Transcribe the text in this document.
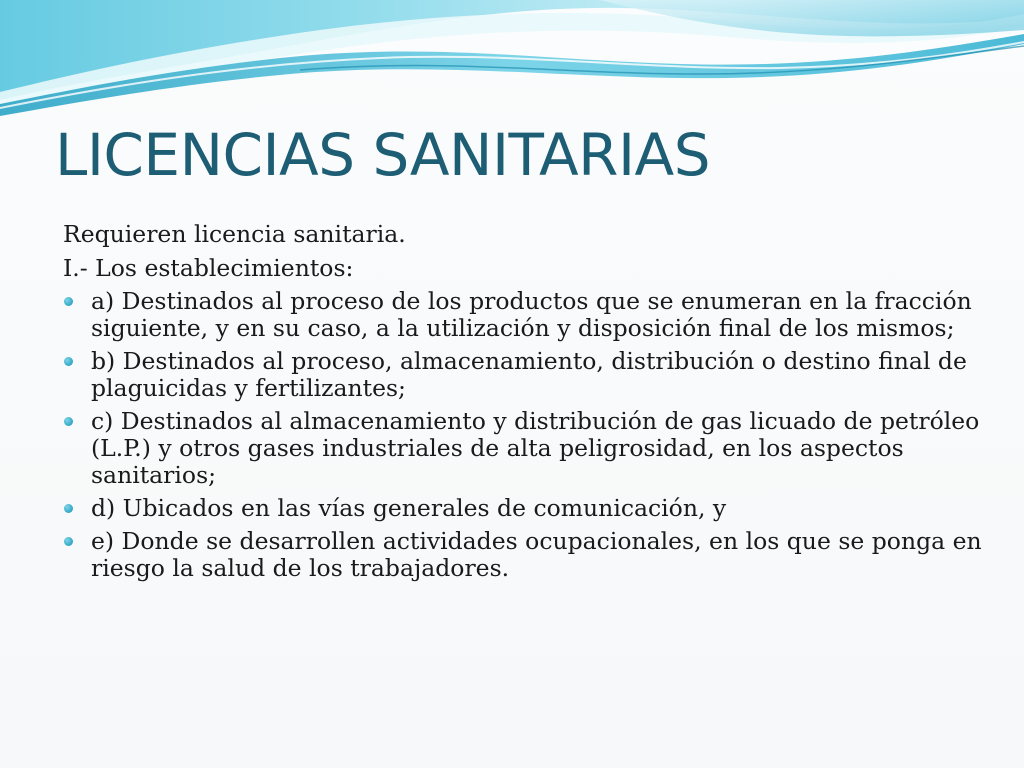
LICENCIAS SANITARIAS

Requieren licencia sanitaria.

I.- Los establecimientos:

a) Destinados al proceso de los productos que se enumeran en la fracción siguiente, y en su caso, a la utilización y disposición final de los mismos;
b) Destinados al proceso, almacenamiento, distribución o destino final de plaguicidas y fertilizantes;
c) Destinados al almacenamiento y distribución de gas licuado de petróleo (L.P.) y otros gases industriales de alta peligrosidad, en los aspectos sanitarios;
d) Ubicados en las vías generales de comunicación, y
e) Donde se desarrollen actividades ocupacionales, en los que se ponga en riesgo la salud de los trabajadores.
